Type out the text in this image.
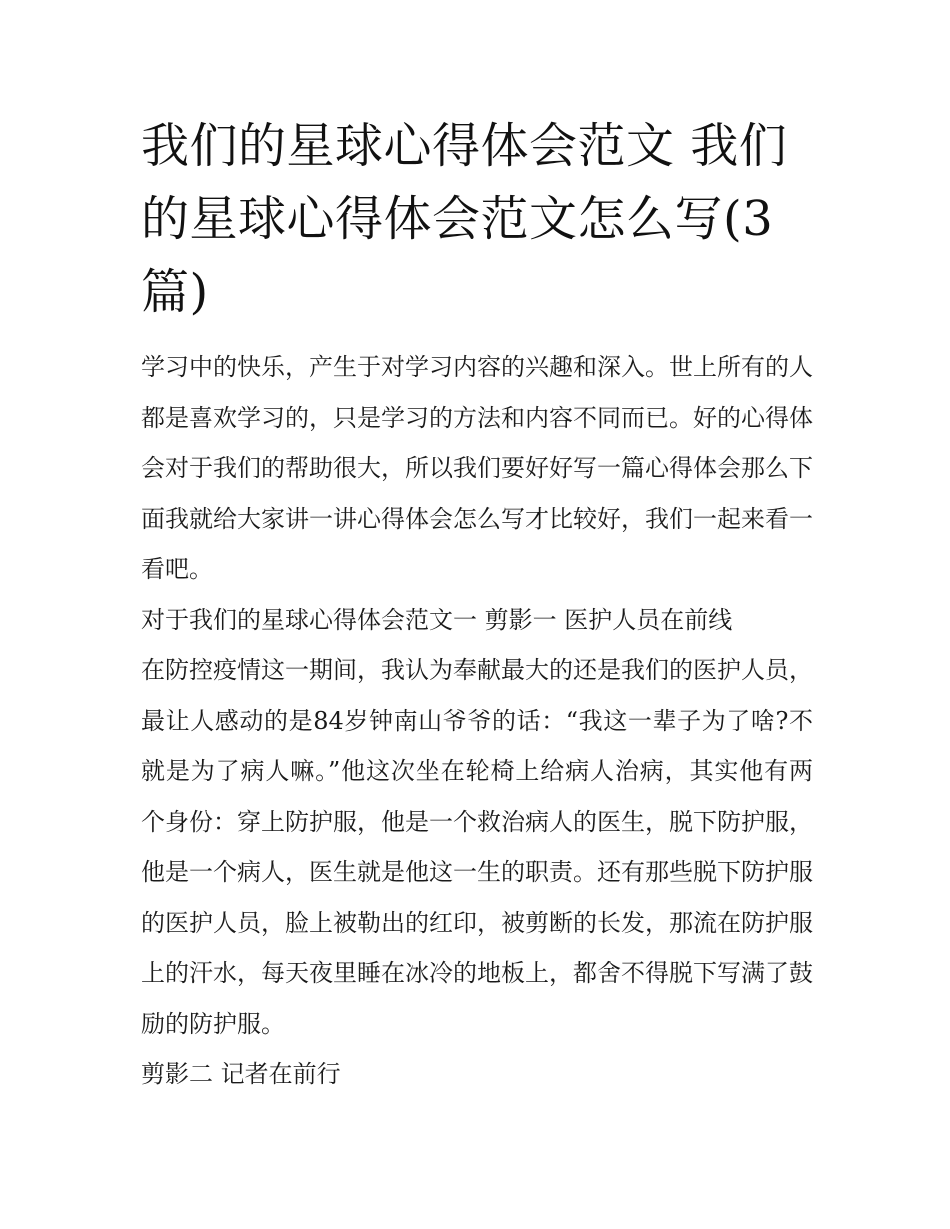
我们的星球心得体会范文 我们的星球心得体会范文怎么写(3篇)

学习中的快乐，产生于对学习内容的兴趣和深入。世上所有的人都是喜欢学习的，只是学习的方法和内容不同而已。好的心得体会对于我们的帮助很大，所以我们要好好写一篇心得体会那么下面我就给大家讲一讲心得体会怎么写才比较好，我们一起来看一看吧。

对于我们的星球心得体会范文一 剪影一 医护人员在前线

在防控疫情这一期间，我认为奉献最大的还是我们的医护人员，最让人感动的是84岁钟南山爷爷的话：“我这一辈子为了啥?不就是为了病人嘛。”他这次坐在轮椅上给病人治病，其实他有两个身份：穿上防护服，他是一个救治病人的医生，脱下防护服，他是一个病人，医生就是他这一生的职责。还有那些脱下防护服的医护人员，脸上被勒出的红印，被剪断的长发，那流在防护服上的汗水，每天夜里睡在冰冷的地板上，都舍不得脱下写满了鼓励的防护服。

剪影二 记者在前行
